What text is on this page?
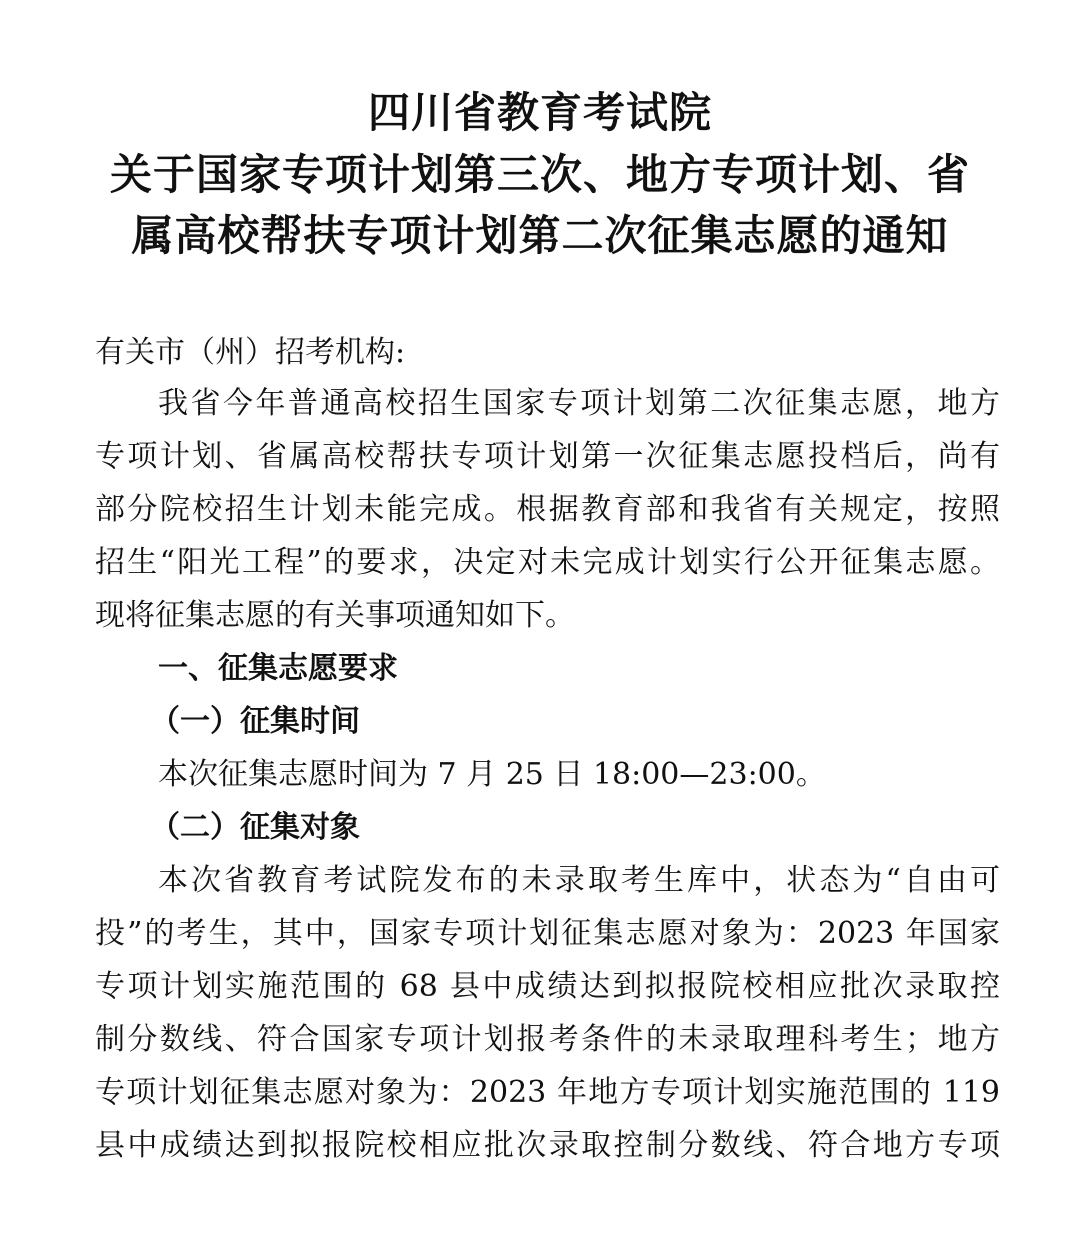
四川省教育考试院
关于国家专项计划第三次、地方专项计划、省
属高校帮扶专项计划第二次征集志愿的通知
有关市（州）招考机构:
我省今年普通高校招生国家专项计划第二次征集志愿，地方
专项计划、省属高校帮扶专项计划第一次征集志愿投档后，尚有
部分院校招生计划未能完成。根据教育部和我省有关规定，按照
招生“阳光工程”的要求，决定对未完成计划实行公开征集志愿。
现将征集志愿的有关事项通知如下。
一、征集志愿要求
（一）征集时间
本次征集志愿时间为 7 月 25 日 18:00—23:00。
（二）征集对象
本次省教育考试院发布的未录取考生库中，状态为“自由可
投”的考生，其中，国家专项计划征集志愿对象为：2023 年国家
专项计划实施范围的 68 县中成绩达到拟报院校相应批次录取控
制分数线、符合国家专项计划报考条件的未录取理科考生；地方
专项计划征集志愿对象为：2023 年地方专项计划实施范围的 119
县中成绩达到拟报院校相应批次录取控制分数线、符合地方专项
